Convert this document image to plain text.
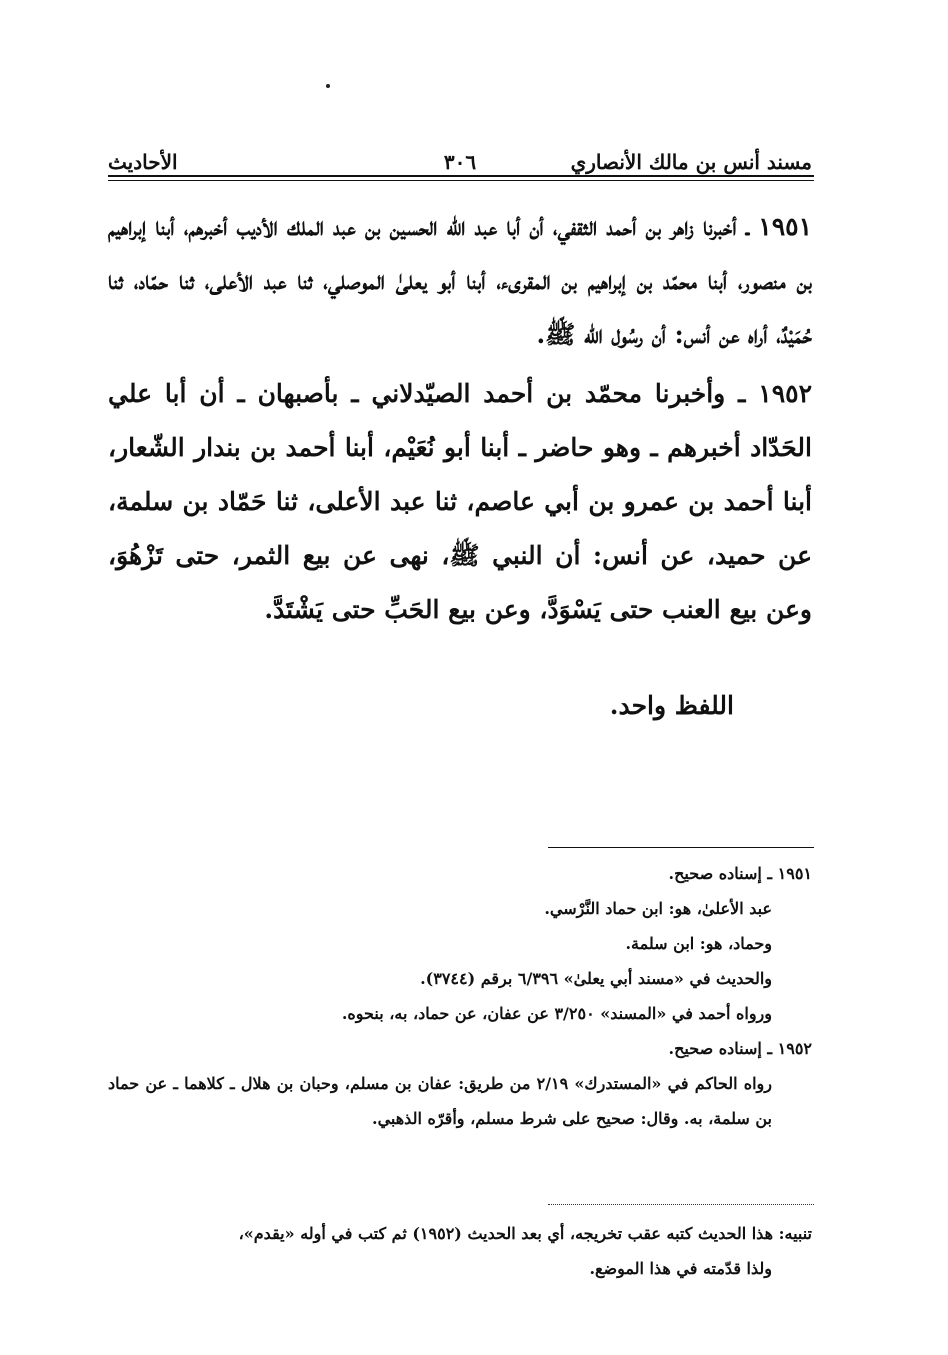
مسند أنس بن مالك الأنصاري
٣٠٦
الأحاديث

١٩٥١ ـ أخبرنا زاهر بن أحمد الثقفي، أن أبا عبد الله الحسين بن عبد الملك الأديب أخبرهم، أبنا إبراهيم بن منصور، أبنا محمّد بن إبراهيم بن المقرىء، أبنا أبو يعلىٰ الموصلي، ثنا عبد الأعلى، ثنا حمّاد، ثنا حُمَيْدٌ، أراه عن أنس: أن رسُول الله ﷺ.

١٩٥٢ ـ وأخبرنا محمّد بن أحمد الصيّدلاني ـ بأصبهان ـ أن أبا علي الحَدّاد أخبرهم ـ وهو حاضر ـ أبنا أبو نُعَيْم، أبنا أحمد بن بندار الشّعار، أبنا أحمد بن عمرو بن أبي عاصم، ثنا عبد الأعلى، ثنا حَمّاد بن سلمة، عن حميد، عن أنس: أن النبي ﷺ، نهى عن بيع الثمر، حتى تَزْهُوَ، وعن بيع العنب حتى يَسْوَدَّ، وعن بيع الحَبِّ حتى يَشْتَدَّ.

اللفظ واحد.

١٩٥١ ـ إسناده صحيح.

عبد الأعلىٰ، هو: ابن حماد النَّرْسي.

وحماد، هو: ابن سلمة.

والحديث في «مسند أبي يعلىٰ» ٦/٣٩٦ برقم (٣٧٤٤).

ورواه أحمد في «المسند» ٣/٢٥٠ عن عفان، عن حماد، به، بنحوه.

١٩٥٢ ـ إسناده صحيح.

رواه الحاكم في «المستدرك» ٢/١٩ من طريق: عفان بن مسلم، وحبان بن هلال ـ كلاهما ـ عن حماد بن سلمة، به. وقال: صحيح على شرط مسلم، وأقرّه الذهبي.

تنبيه: هذا الحديث كتبه عقب تخريجه، أي بعد الحديث (١٩٥٢) ثم كتب في أوله «يقدم»،

ولذا قدّمته في هذا الموضع.
